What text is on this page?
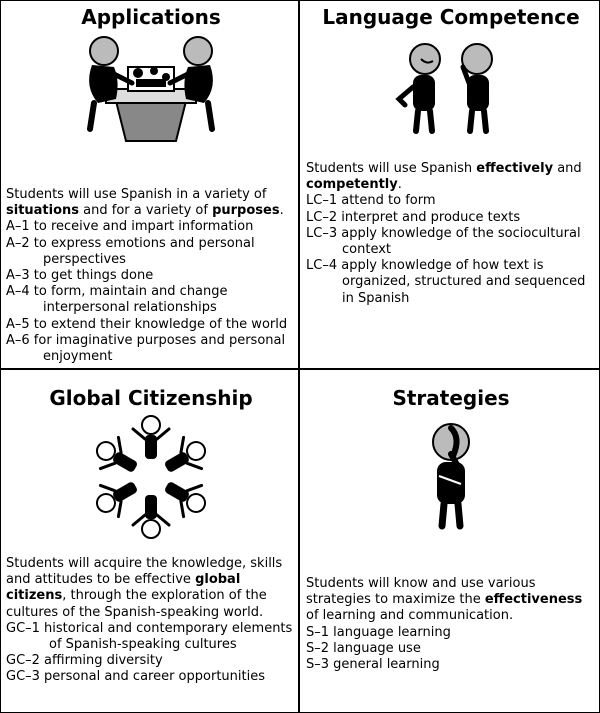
Applications

Students will use Spanish in a variety of situations and for a variety of purposes.

A–1 to receive and impart information

A–2 to express emotions and personal perspectives

A–3 to get things done

A–4 to form, maintain and change interpersonal relationships

A–5 to extend their knowledge of the world

A–6 for imaginative purposes and personal enjoyment

Language Competence

Students will use Spanish effectively and competently.

LC–1 attend to form

LC–2 interpret and produce texts

LC–3 apply knowledge of the sociocultural context

LC–4 apply knowledge of how text is organized, structured and sequenced in Spanish

Global Citizenship

Students will acquire the knowledge, skills and attitudes to be effective global citizens, through the exploration of the cultures of the Spanish-speaking world.

GC–1 historical and contemporary elements of Spanish-speaking cultures

GC–2 affirming diversity

GC–3 personal and career opportunities

Strategies

Students will know and use various strategies to maximize the effectiveness of learning and communication.

S–1 language learning

S–2 language use

S–3 general learning
